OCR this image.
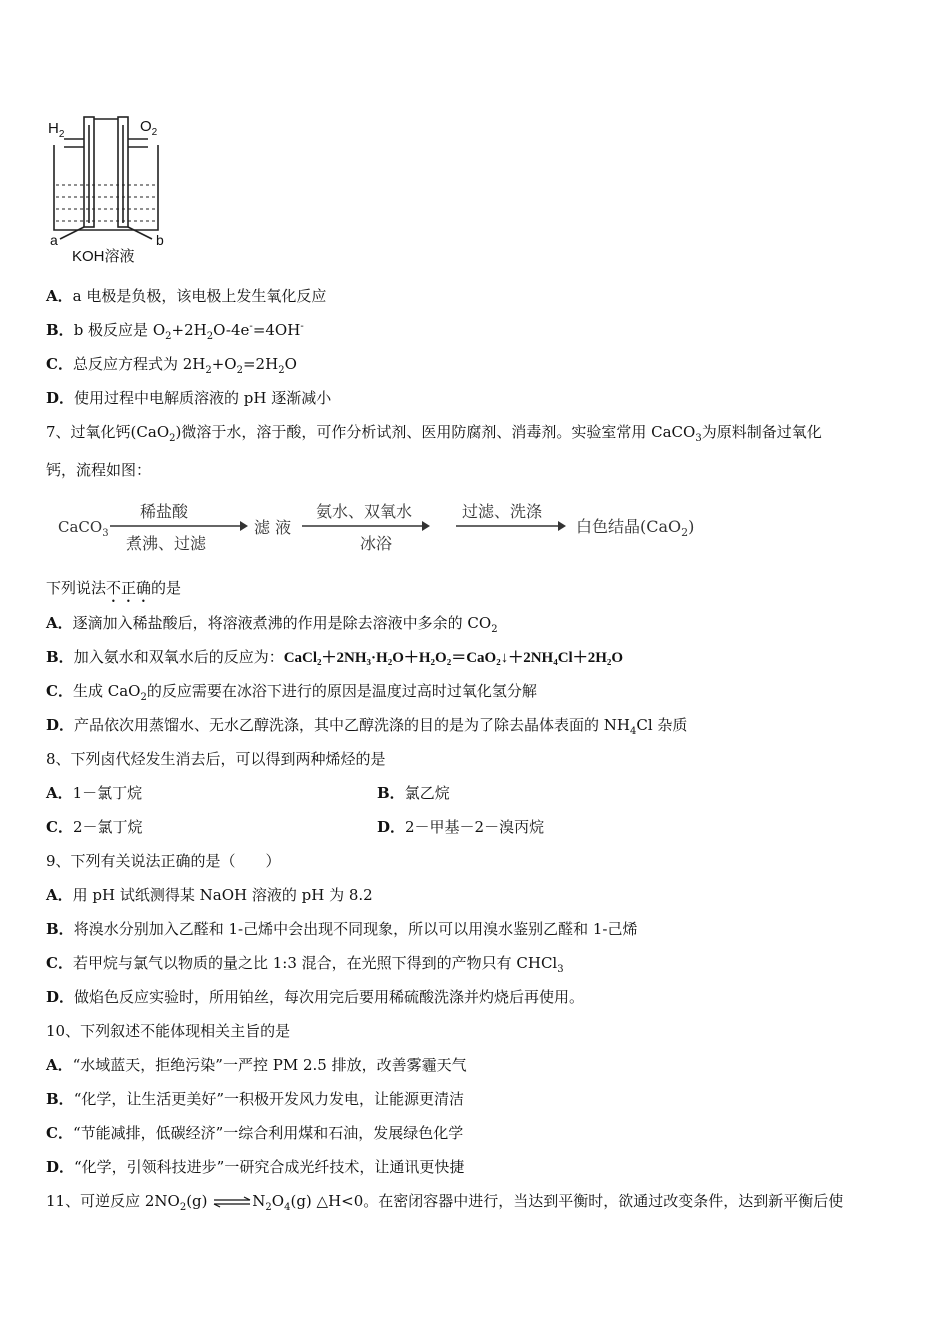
$H_2$	$O_2$
a	b
KOH溶液
A．a 电极是负极，该电极上发生氧化反应
B．b 极反应是 $O_2+2H_2O-4e^-=4OH^-$
C．总反应方程式为 $2H_2+O_2=2H_2O$
D．使用过程中电解质溶液的 pH 逐渐减小
7、过氧化钙(CaO$_2$)微溶于水，溶于酸，可作分析试剂、医用防腐剂、消毒剂。实验室常用 CaCO$_3$为原料制备过氧化
钙，流程如图：
CaCO$_3$
稀盐酸
煮沸、过滤
滤 液
氨水、双氧水
冰浴
过滤、洗涤
白色结晶(CaO$_2$)
下列说法不正确的是
A．逐滴加入稀盐酸后，将溶液煮沸的作用是除去溶液中多余的 $CO_2$
B．加入氨水和双氧水后的反应为：CaCl₂＋2NH₃·H₂O＋H₂O₂＝CaO₂↓＋2NH₄Cl＋2H₂O
C．生成 CaO$_2$的反应需要在冰浴下进行的原因是温度过高时过氧化氢分解
D．产品依次用蒸馏水、无水乙醇洗涤，其中乙醇洗涤的目的是为了除去晶体表面的 $NH_4Cl$ 杂质
8、下列卤代烃发生消去后，可以得到两种烯烃的是
A．1－氯丁烷	B．氯乙烷
C．2－氯丁烷	D．2－甲基－2－溴丙烷
9、下列有关说法正确的是（　　）
A．用 pH 试纸测得某 NaOH 溶液的 pH 为 8.2
B．将溴水分别加入乙醛和 1-己烯中会出现不同现象，所以可以用溴水鉴别乙醛和 1-己烯
C．若甲烷与氯气以物质的量之比 1:3 混合，在光照下得到的产物只有 CHCl$_3$
D．做焰色反应实验时，所用铂丝，每次用完后要用稀硫酸洗涤并灼烧后再使用。
10、下列叙述不能体现相关主旨的是
A．“水域蓝天，拒绝污染”一严控 PM 2.5 排放，改善雾霾天气
B．“化学，让生活更美好”一积极开发风力发电，让能源更清洁
C．“节能减排，低碳经济”一综合利用煤和石油，发展绿色化学
D．“化学，引领科技进步”一研究合成光纤技术，让通讯更快捷
11、可逆反应 $2NO_2(g)$ $\rightleftharpoons N_2O_4(g)$ △H<0。在密闭容器中进行，当达到平衡时，欲通过改变条件，达到新平衡后使
